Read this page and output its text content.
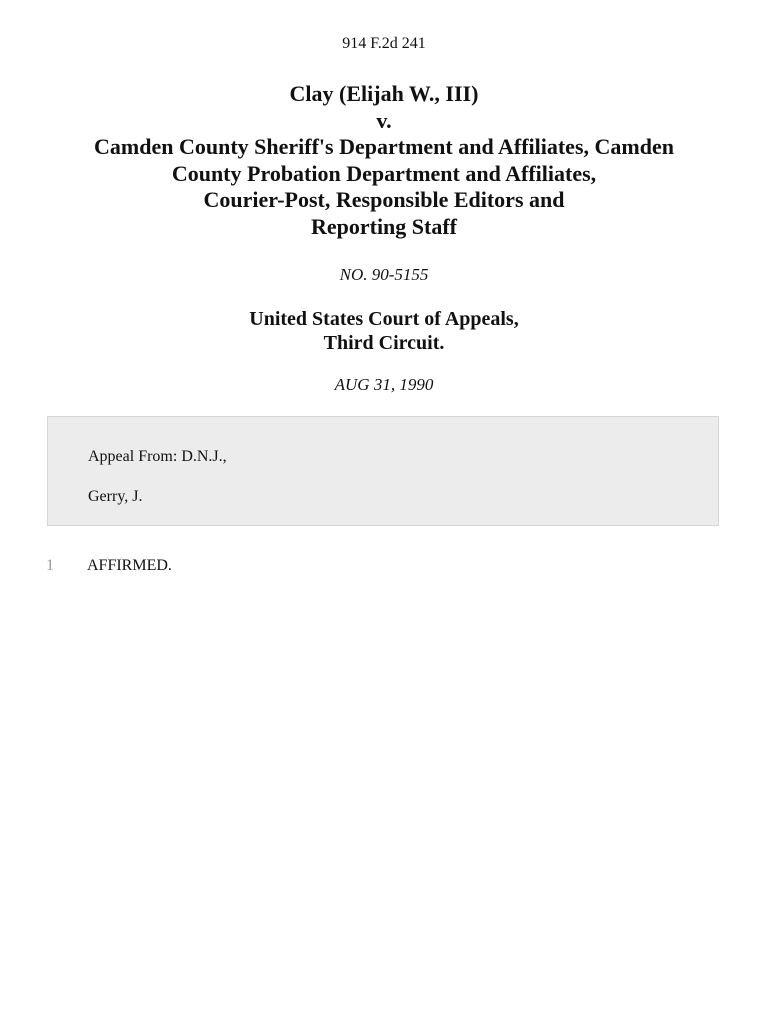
914 F.2d 241
Clay (Elijah W., III)
v.
Camden County Sheriff's Department and Affiliates, Camden
County Probation Department and Affiliates,
Courier-Post, Responsible Editors and
Reporting Staff
NO. 90-5155
United States Court of Appeals,
Third Circuit.
AUG 31, 1990
Appeal From: D.N.J.,
Gerry, J.
1 AFFIRMED.
